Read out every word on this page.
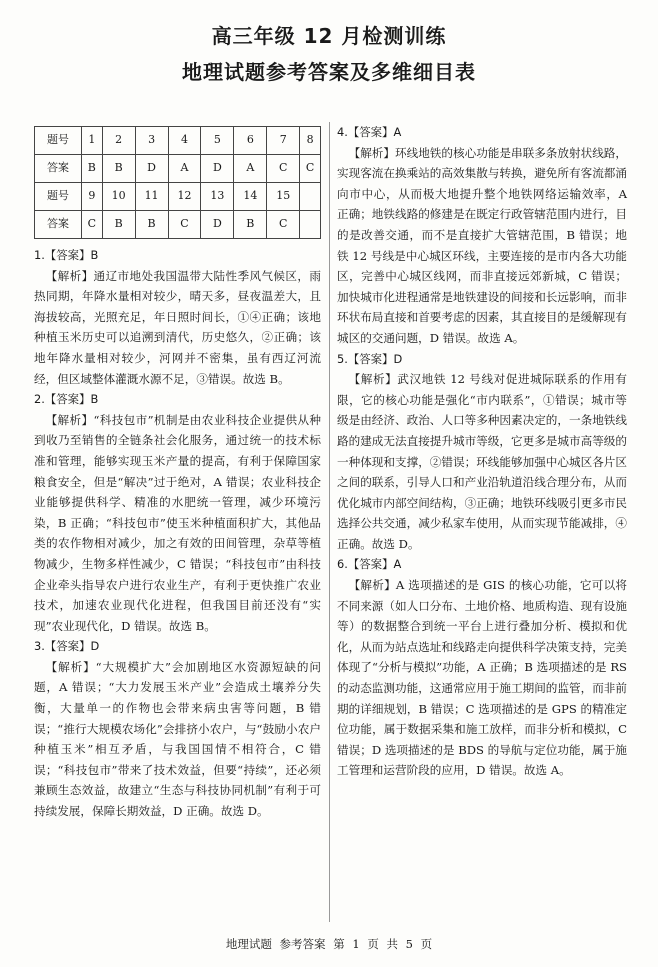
高三年级 12 月检测训练
地理试题参考答案及多维细目表
题号	1	2	3	4	5	6	7	8
答案	B	B	D	A	D	A	C	C
题号	9	10	11	12	13	14	15	
答案	C	B	B	C	D	B	C	

1.【答案】B

【解析】通辽市地处我国温带大陆性季风气候区，雨热同期，年降水量相对较少，晴天多，昼夜温差大，且海拔较高，光照充足，年日照时间长，①④正确；该地种植玉米历史可以追溯到清代，历史悠久，②正确；该地年降水量相对较少，河网并不密集，虽有西辽河流经，但区域整体灌溉水源不足，③错误。故选 B。

2.【答案】B

【解析】“科技包市”机制是由农业科技企业提供从种到收乃至销售的全链条社会化服务，通过统一的技术标准和管理，能够实现玉米产量的提高，有利于保障国家粮食安全，但是“解决”过于绝对，A 错误；农业科技企业能够提供科学、精准的水肥统一管理，减少环境污染，B 正确；“科技包市”使玉米种植面积扩大，其他品类的农作物相对减少，加之有效的田间管理，杂草等植物减少，生物多样性减少，C 错误；“科技包市”由科技企业牵头指导农户进行农业生产，有利于更快推广农业技术，加速农业现代化进程，但我国目前还没有“实现”农业现代化，D 错误。故选 B。

3.【答案】D

【解析】“大规模扩大”会加剧地区水资源短缺的问题，A 错误；“大力发展玉米产业”会造成土壤养分失衡，大量单一的作物也会带来病虫害等问题，B 错误；“推行大规模农场化”会排挤小农户，与“鼓励小农户种植玉米”相互矛盾，与我国国情不相符合，C 错误；“科技包市”带来了技术效益，但要“持续”，还必须兼顾生态效益，故建立“生态与科技协同机制”有利于可持续发展，保障长期效益，D 正确。故选 D。

4.【答案】A

【解析】环线地铁的核心功能是串联多条放射状线路，实现客流在换乘站的高效集散与转换，避免所有客流都涌向市中心，从而极大地提升整个地铁网络运输效率，A 正确；地铁线路的修建是在既定行政管辖范围内进行，目的是改善交通，而不是直接扩大管辖范围，B 错误；地铁 12 号线是中心城区环线，主要连接的是市内各大功能区，完善中心城区线网，而非直接远郊新城，C 错误；加快城市化进程通常是地铁建设的间接和长远影响，而非环状布局直接和首要考虑的因素，其直接目的是缓解现有城区的交通问题，D 错误。故选 A。

5.【答案】D

【解析】武汉地铁 12 号线对促进城际联系的作用有限，它的核心功能是强化“市内联系”，①错误；城市等级是由经济、政治、人口等多种因素决定的，一条地铁线路的建成无法直接提升城市等级，它更多是城市高等级的一种体现和支撑，②错误；环线能够加强中心城区各片区之间的联系，引导人口和产业沿轨道沿线合理分布，从而优化城市内部空间结构，③正确；地铁环线吸引更多市民选择公共交通，减少私家车使用，从而实现节能减排，④正确。故选 D。

6.【答案】A

【解析】A 选项描述的是 GIS 的核心功能，它可以将不同来源（如人口分布、土地价格、地质构造、现有设施等）的数据整合到统一平台上进行叠加分析、模拟和优化，从而为站点选址和线路走向提供科学决策支持，完美体现了“分析与模拟”功能，A 正确；B 选项描述的是 RS 的动态监测功能，这通常应用于施工期间的监管，而非前期的详细规划，B 错误；C 选项描述的是 GPS 的精准定位功能，属于数据采集和施工放样，而非分析和模拟，C 错误；D 选项描述的是 BDS 的导航与定位功能，属于施工管理和运营阶段的应用，D 错误。故选 A。

地理试题 参考答案 第 1 页 共 5 页
